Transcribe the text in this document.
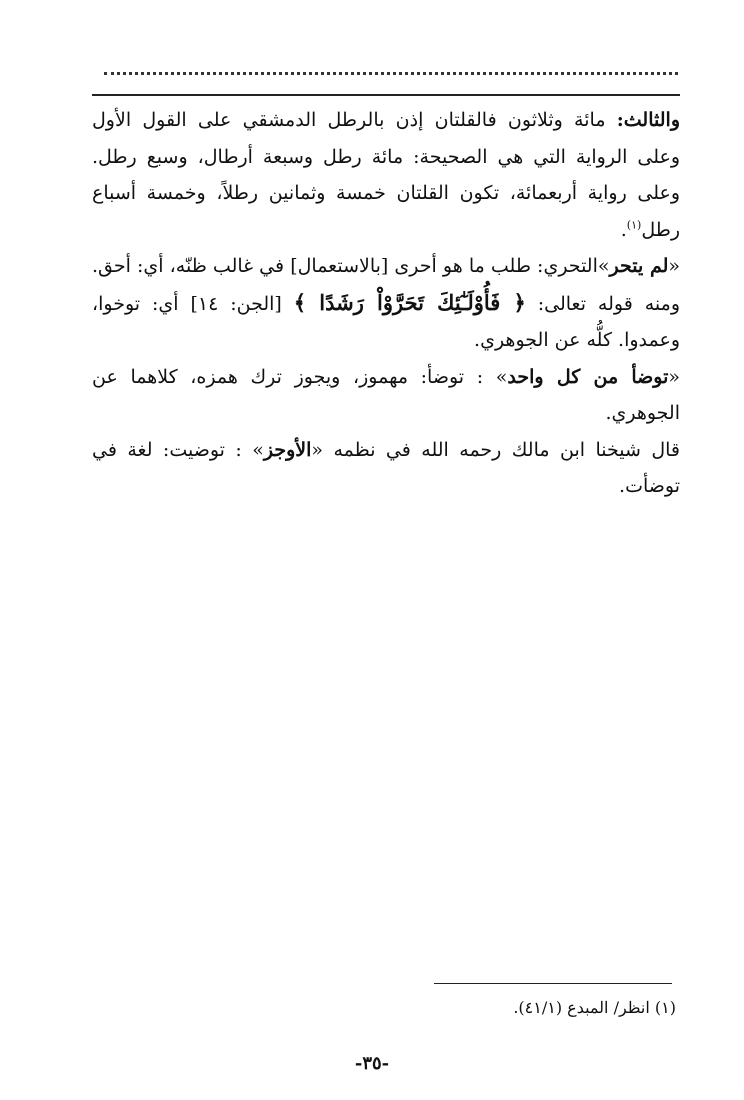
والثالث: مائة وثلاثون فالقلتان إذن بالرطل الدمشقي على القول الأول وعلى الرواية التي هي الصحيحة: مائة رطل وسبعة أرطال، وسبع رطل. وعلى رواية أربعمائة، تكون القلتان خمسة وثمانين رطلاً، وخمسة أسباع رطل$^{(١)}$.

«لم يتحر»التحري: طلب ما هو أحرى [بالاستعمال] في غالب ظنّه، أي: أحق. ومنه قوله تعالى: ﴿ فَأُوْلَـٰٓئِكَ تَحَرَّوْاْ رَشَدًا ﴾ [الجن: ١٤] أي: توخوا، وعمدوا. كلُّه عن الجوهري.

«توضأ من كل واحد» : توضأ: مهموز، ويجوز ترك همزه، كلاهما عن الجوهري.

قال شيخنا ابن مالك رحمه الله في نظمه «الأوجز» : توضيت: لغة في توضأت.

(١) انظر/ المبدع (٤١/١).
-٣٥-
